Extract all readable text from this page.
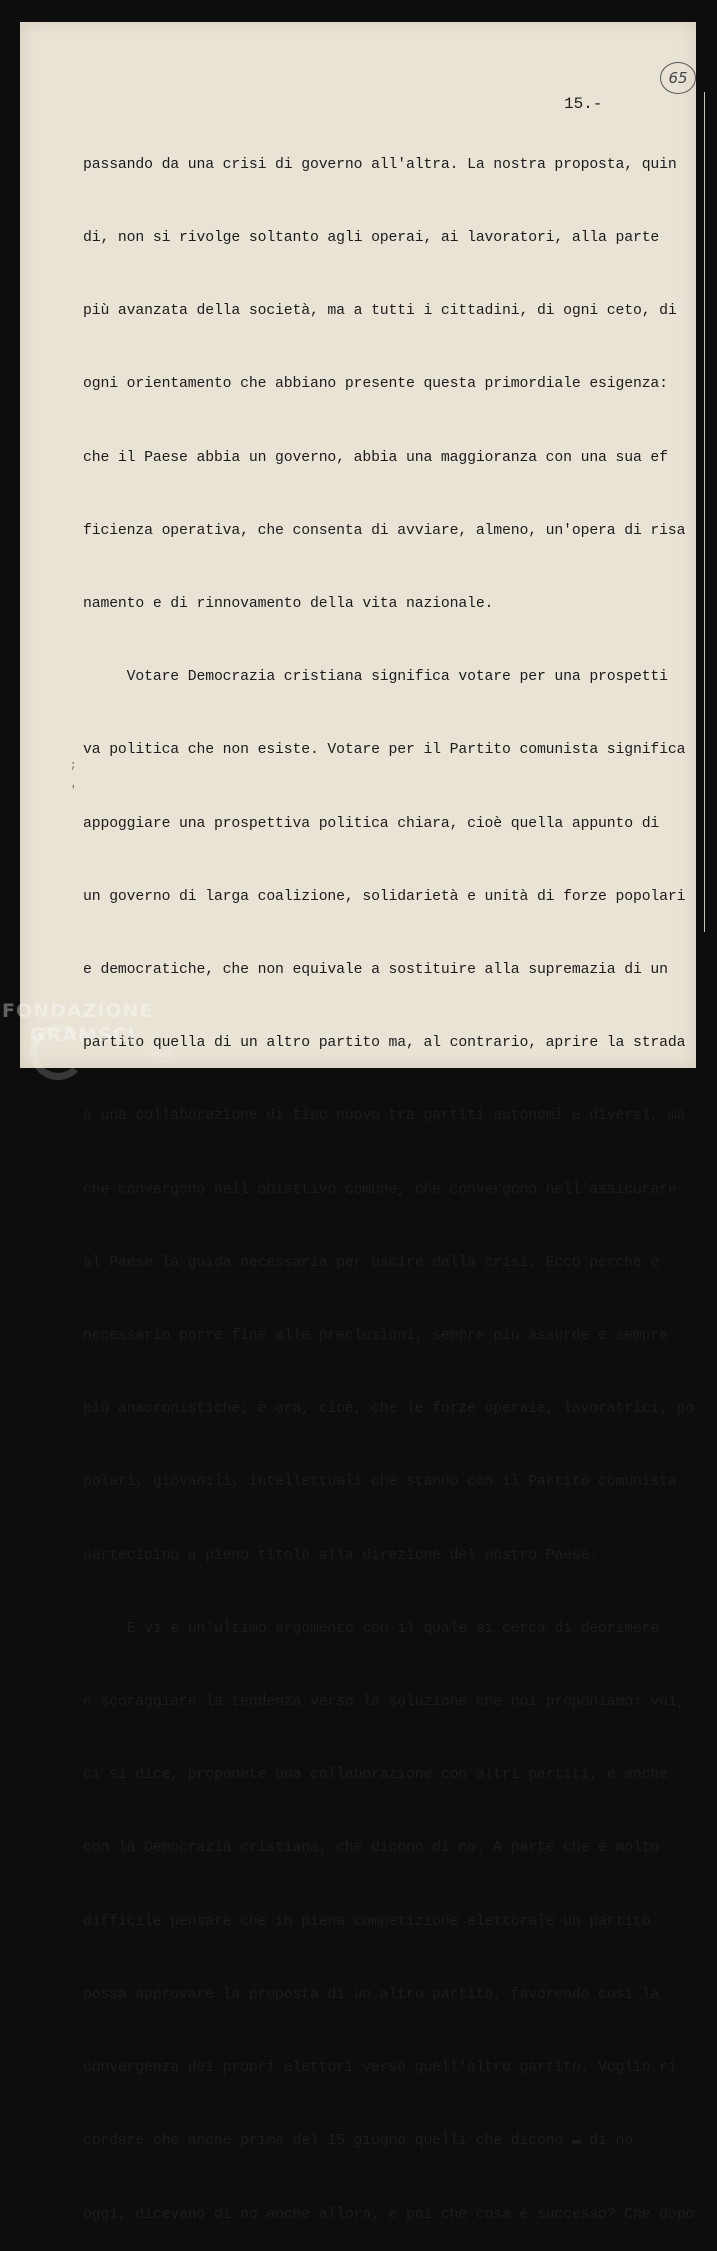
65
15.-

passando da una crisi di governo all'altra. La nostra proposta, quin

di, non si rivolge soltanto agli operai, ai lavoratori, alla parte

più avanzata della società, ma a tutti i cittadini, di ogni ceto, di

ogni orientamento che abbiano presente questa primordiale esigenza:

che il Paese abbia un governo, abbia una maggioranza con una sua ef

ficienza operativa, che consenta di avviare, almeno, un'opera di risa

namento e di rinnovamento della vita nazionale.

Votare Democrazia cristiana significa votare per una prospetti

va politica che non esiste. Votare per il Partito comunista significa

appoggiare una prospettiva politica chiara, cioè quella appunto di

un governo di larga coalizione, solidarietà e unità di forze popolari

e democratiche, che non equivale a sostituire alla supremazia di un

partito quella di un altro partito ma, al contrario, aprire la strada

a una collaborazione di tipo nuovo tra partiti autonomi e diversi, ma

che convergono nell'obiettivo comune, che convergono nell'assicurare

al Paese la guida necessaria per uscire dalla crisi. Ecco perchè è

necessario porre fine alle preclusioni, sempre più assurde e sempre

più anacronistiche; è ora, cioè, che le forze operaie, lavoratrici, po

polari, giovanili, intellettuali che stanno con il Partito comunista

partecipino a pieno titolo alla direzione del nostro Paese.

E vi è un'ultimo argomento con il quale si cerca di deprimere

e scoraggiare la tendenza verso la soluzione che noi proponiamo: voi,

ci si dice, proponete una collaborazione con altri partiti, e anche

con la Democrazia cristiana, che dicono di no. A parte che è molto

difficile pensare che in piena competizione elettorale un partito

possa approvare la proposta di un altro partito, favorendo così la

convergenza dei propri elettori verso quell'altro partito. Voglio ri

cordare che anche prima del 15 giugno quelli che dicono ▬ di no

oggi, dicevano di no anche allora, e poi che cosa è successo? Che dopo

;
'
FONDAZIONE
GRAMSCI
onlus
